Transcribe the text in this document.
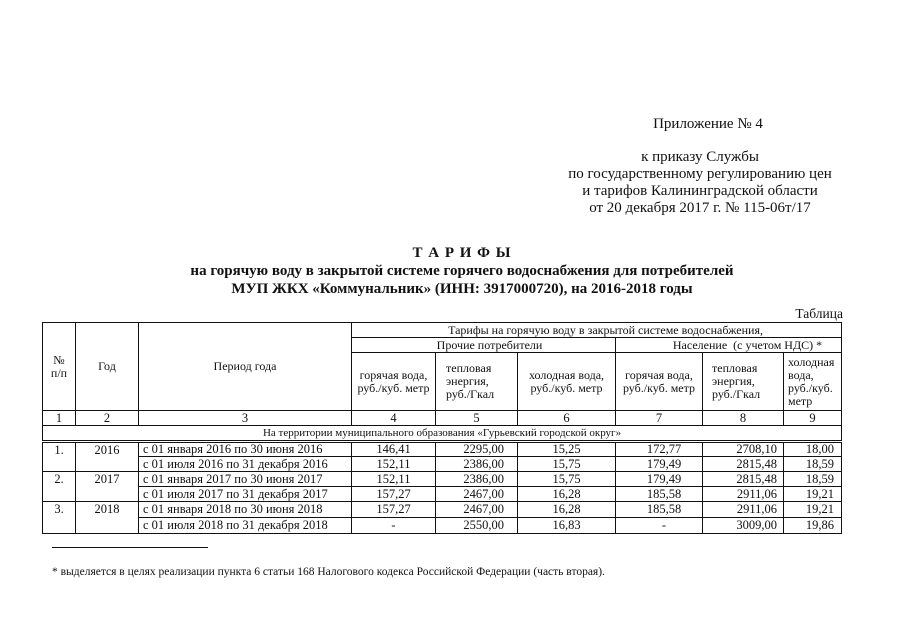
Приложение № 4
к приказу Службы
по государственному регулированию цен
и тарифов Калининградской области
от 20 декабря 2017 г. № 115-06т/17
Т А Р И Ф Ы
на горячую воду в закрытой системе горячего водоснабжения для потребителей
МУП ЖКХ «Коммунальник» (ИНН: 3917000720), на 2016-2018 годы
Таблица
№
п/п	Год	Период года	Тарифы на горячую воду в закрытой системе водоснабжения,					
			Прочие потребители			Население  (с учетом НДС) *		
			горячая вода, руб./куб. метр	тепловая энергия, руб./Гкал	холодная вода, руб./куб. метр	горячая вода, руб./куб. метр	тепловая энергия, руб./Гкал	холодная вода, руб./куб. метр
1	2	3	4	5	6	7	8	9
На территории муниципального образования «Гурьевский городской округ»								
1.	2016	с 01 января 2016 по 30 июня 2016	146,41	2295,00	15,25	172,77	2708,10	18,00
		с 01 июля 2016 по 31 декабря 2016	152,11	2386,00	15,75	179,49	2815,48	18,59
2.	2017	с 01 января 2017 по 30 июня 2017	152,11	2386,00	15,75	179,49	2815,48	18,59
		с 01 июля 2017 по 31 декабря 2017	157,27	2467,00	16,28	185,58	2911,06	19,21
3.	2018	с 01 января 2018 по 30 июня 2018	157,27	2467,00	16,28	185,58	2911,06	19,21
		с 01 июля 2018 по 31 декабря 2018	-	2550,00	16,83	-	3009,00	19,86
* выделяется в целях реализации пункта 6 статьи 168 Налогового кодекса Российской Федерации (часть вторая).
